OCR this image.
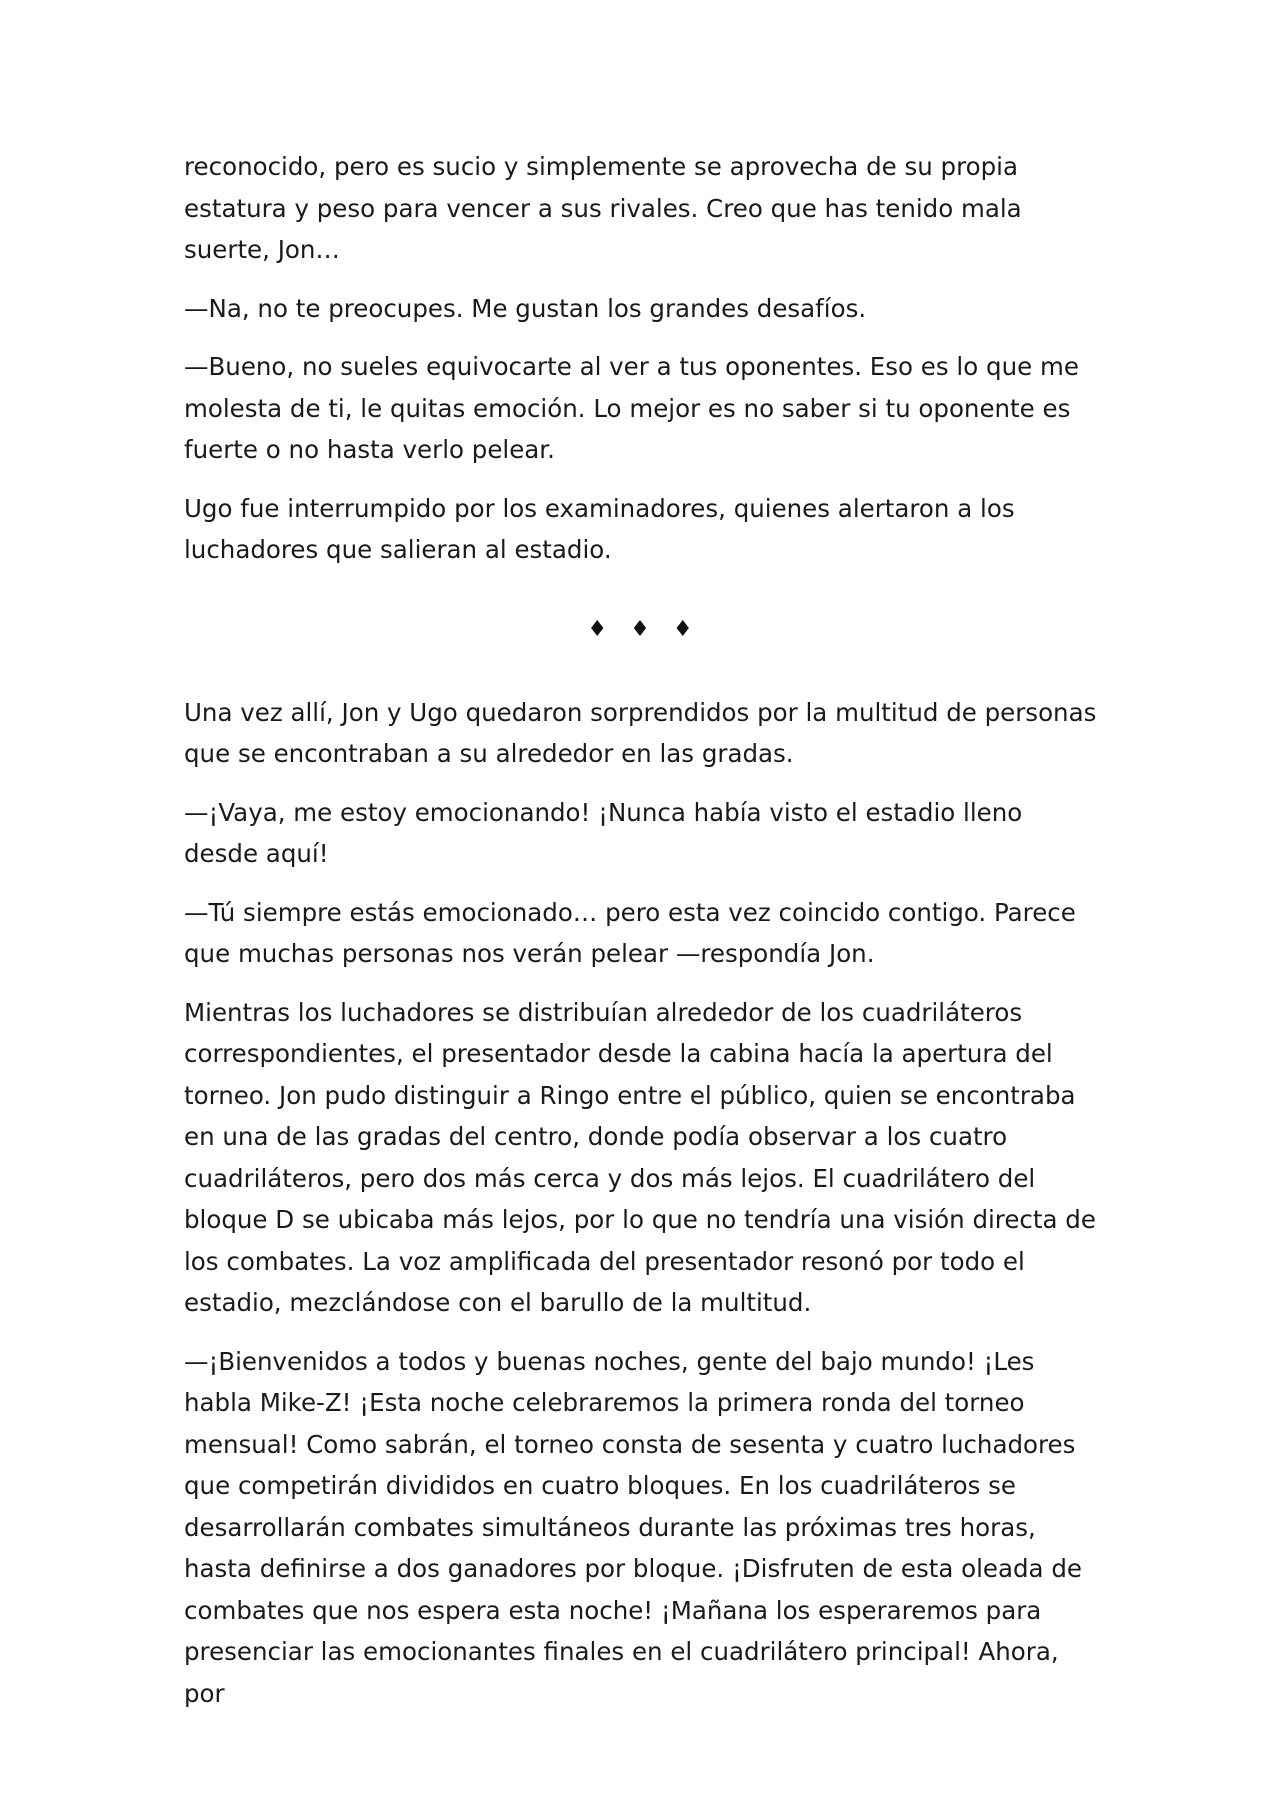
reconocido, pero es sucio y simplemente se aprovecha de su propia estatura y peso para vencer a sus rivales. Creo que has tenido mala suerte, Jon…

—Na, no te preocupes. Me gustan los grandes desafíos.

—Bueno, no sueles equivocarte al ver a tus oponentes. Eso es lo que me molesta de ti, le quitas emoción. Lo mejor es no saber si tu oponente es fuerte o no hasta verlo pelear.

Ugo fue interrumpido por los examinadores, quienes alertaron a los luchadores que salieran al estadio.

♦ ♦ ♦

Una vez allí, Jon y Ugo quedaron sorprendidos por la multitud de personas que se encontraban a su alrededor en las gradas.

—¡Vaya, me estoy emocionando! ¡Nunca había visto el estadio lleno desde aquí!

—Tú siempre estás emocionado… pero esta vez coincido contigo. Parece que muchas personas nos verán pelear —respondía Jon.

Mientras los luchadores se distribuían alrededor de los cuadriláteros correspondientes, el presentador desde la cabina hacía la apertura del torneo. Jon pudo distinguir a Ringo entre el público, quien se encontraba en una de las gradas del centro, donde podía observar a los cuatro cuadriláteros, pero dos más cerca y dos más lejos. El cuadrilátero del bloque D se ubicaba más lejos, por lo que no tendría una visión directa de los combates. La voz amplificada del presentador resonó por todo el estadio, mezclándose con el barullo de la multitud.

—¡Bienvenidos a todos y buenas noches, gente del bajo mundo! ¡Les habla Mike-Z! ¡Esta noche celebraremos la primera ronda del torneo mensual! Como sabrán, el torneo consta de sesenta y cuatro luchadores que competirán divididos en cuatro bloques. En los cuadriláteros se desarrollarán combates simultáneos durante las próximas tres horas, hasta definirse a dos ganadores por bloque. ¡Disfruten de esta oleada de combates que nos espera esta noche! ¡Mañana los esperaremos para presenciar las emocionantes finales en el cuadrilátero principal! Ahora, por
